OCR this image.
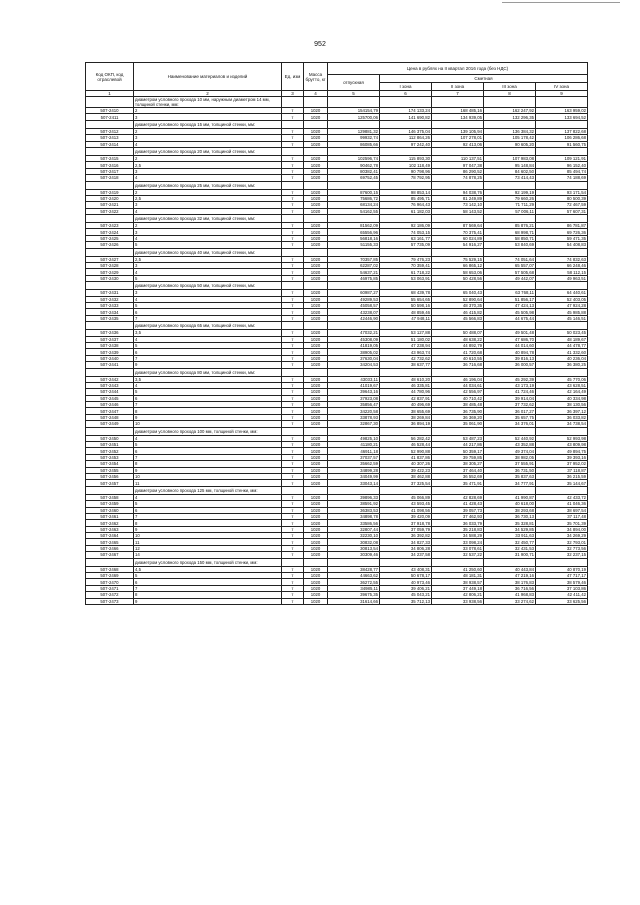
952
Код ОКП, код отраслевой	Наименование материалов и изделий	Ед. изм	Масса брутто, кг	Цена в рублях на II квартал 2016 года (без НДС)				
				отпускная	Сметная			
					I зона	II зона	III зона	IV зона
1	2	3	4	5	6	7	8	9
	диаметром условного прохода 10 мм, наружным диаметром 14 мм, толщиной стенки, мм:							
507-2410	2	т	1020	154154,79	174 133,24	168 485,16	162 247,92	163 959,02
507-2411	3	т	1020	125700,06	141 690,82	134 939,05	132 296,35	133 694,52
	диаметром условного прохода 15 мм, толщиной стенки, мм:							
507-2412	2	т	1020	129881,32	146 375,04	139 105,94	136 384,32	137 822,68
507-2413	3	т	1020	99932,74	112 864,26	107 278,01	105 178,42	106 286,68
507-2414	4	т	1020	86085,66	97 242,40	92 413,06	90 605,20	91 560,75
	диаметром условного прохода 20 мм, толщиной стенки, мм:							
507-2415	2	т	1020	102596,74	115 893,30	110 137,51	107 983,08	109 121,91
507-2416	2,5	т	1020	90462,78	102 118,49	97 047,38	95 148,84	96 152,40
507-2417	3	т	1020	80382,41	90 798,96	86 290,52	84 602,50	85 494,74
507-2418	4	т	1020	69752,45	78 792,95	74 878,25	73 414,43	74 188,69
	диаметром условного прохода 25 мм, толщиной стенки, мм:							
507-2419	2	т	1020	87600,15	98 853,14	94 038,76	92 199,19	93 171,54
507-2420	2,5	т	1020	75686,72	85 495,71	81 249,89	79 660,26	80 500,39
507-2421	3	т	1020	68134,24	76 964,43	73 142,10	71 711,29	72 467,59
507-2422	4	т	1020	54162,55	61 182,03	58 143,52	57 006,11	57 607,31
	диаметром условного прохода 32 мм, толщиной стенки, мм:							
507-2423	2	т	1020	81562,09	92 186,09	87 569,64	85 876,21	86 781,87
507-2424	3	т	1020	65556,96	74 053,15	70 375,41	68 998,71	69 726,36
507-2425	4	т	1020	56818,16	63 161,77	60 024,89	58 850,71	59 471,35
507-2426	5	т	1020	51155,33	57 735,09	54 916,27	53 840,69	54 408,83
	диаметром условного прохода 40 мм, толщиной стенки, мм:							
507-2427	2,5	т	1020	70357,85	79 476,23	75 529,15	74 051,64	74 832,63
507-2428	3	т	1020	62287,02	70 359,41	66 865,12	65 557,07	66 248,46
507-2429	4	т	1020	54637,21	61 718,22	58 653,06	57 505,68	58 112,15
507-2430	5	т	1020	46975,85	53 063,91	50 428,56	49 442,07	49 963,51
	диаметром условного прохода 50 мм, толщиной стенки, мм:							
507-2431	3	т	1020	60987,27	68 439,78	65 040,43	63 768,11	64 440,61
507-2432	4	т	1020	49289,53	55 654,65	52 890,64	51 856,17	52 403,05
507-2433	5	т	1020	45058,57	50 598,16	48 370,35	47 424,13	47 924,28
507-2434	6	т	1020	43238,07	48 859,46	46 415,82	45 505,98	45 985,88
507-2435	7	т	1020	42446,90	47 948,11	45 566,83	44 675,44	45 146,51
	диаметром условного прохода 65 мм, толщиной стенки, мм:							
507-2436	3,5	т	1020	47032,21	53 127,88	50 488,07	49 501,48	50 023,45
507-2437	4	т	1020	45308,09	51 180,02	48 638,22	47 686,70	48 189,67
507-2438	5	т	1020	41819,05	47 238,94	44 892,79	44 014,60	44 478,77
507-2439	6	т	1020	38905,02	43 963,74	41 720,68	40 894,78	41 332,60
507-2440	7	т	1020	37630,04	42 732,62	40 610,55	39 816,13	40 236,04
507-2441	9	т	1020	34204,53	38 637,77	36 716,68	36 000,57	36 380,25
	диаметром условного прохода 80 мм, толщиной стенки, мм:							
507-2442	3,5	т	1020	43033,11	48 610,20	46 196,04	45 292,39	45 770,06
507-2443	4	т	1020	41019,67	46 335,81	44 034,61	43 173,19	43 628,51
507-2444	5	т	1020	39643,16	44 780,96	42 556,97	41 724,46	42 164,49
507-2445	6	т	1020	37923,08	42 837,91	40 710,42	39 914,04	40 334,98
507-2446	7	т	1020	35856,47	40 496,69	38 485,48	37 732,62	38 130,56
507-2447	8	т	1020	34220,58	38 655,69	36 735,90	36 017,27	36 397,12
507-2448	9	т	1020	33878,93	38 269,84	36 369,20	35 657,75	36 033,82
507-2449	10	т	1020	32867,30	36 894,19	35 061,90	34 376,01	34 738,54
	диаметром условного прохода 100 мм, толщиной стенки, мм:							
507-2450	4	т	1020	49825,10	56 282,42	53 487,23	52 440,92	52 993,98
507-2451	5	т	1020	41180,21	46 528,44	44 217,86	43 352,88	43 809,98
507-2452	6	т	1020	46911,18	52 990,88	50 359,17	49 374,04	49 894,75
507-2453	7	т	1020	37037,57	41 837,86	39 759,85	38 982,05	39 393,16
507-2454	8	т	1020	35662,59	40 307,26	38 305,27	37 555,91	37 952,02
507-2455	9	т	1020	34899,28	39 422,23	37 464,40	36 731,50	37 118,87
507-2456	10	т	1020	34049,99	38 462,88	36 552,69	35 837,63	36 215,59
507-2457	11	т	1020	33043,14	37 325,54	35 471,91	34 777,91	35 144,67
	диаметром условного прохода 125 мм, толщиной стенки, мм:							
507-2458	4	т	1020	39896,33	45 066,89	42 828,69	41 990,87	42 433,72
507-2459	5	т	1020	38591,92	43 593,45	41 428,43	40 618,00	41 046,36
507-2460	6	т	1020	36383,53	41 098,56	39 057,73	38 293,68	38 697,54
507-2461	7	т	1020	34898,78	39 420,09	37 462,93	36 730,13	37 117,48
507-2462	8	т	1020	33586,56	37 918,78	36 033,79	35 328,81	35 701,39
507-2463	9	т	1020	32807,44	37 059,79	35 218,83	34 529,85	34 894,00
507-2464	10	т	1020	32230,10	36 392,82	34 588,29	33 911,63	34 269,29
507-2465	11	т	1020	30832,08	34 827,33	33 098,24	32 450,77	32 793,01
507-2466	12	т	1020	30813,54	34 806,28	33 078,61	32 431,53	32 773,56
507-2467	14	т	1020	30309,46	34 237,58	32 537,22	31 900,71	32 237,15
	диаметром условного прохода 150 мм, толщиной стенки, мм:							
507-2468	4,5	т	1020	38428,77	43 408,31	41 250,60	40 443,84	40 870,19
507-2469	5	т	1020	44663,62	50 678,17	48 181,31	47 219,16	47 717,17
507-2470	6	т	1020	36272,55	40 973,46	38 938,57	38 176,83	38 579,46
507-2471	7	т	1020	34985,11	39 406,21	37 449,18	36 716,56	37 103,86
507-2472	8	т	1020	39675,35	45 043,21	42 806,21	41 968,83	42 411,42
507-2473	9	т	1020	31614,66	35 712,13	33 938,56	33 274,62	33 625,56
